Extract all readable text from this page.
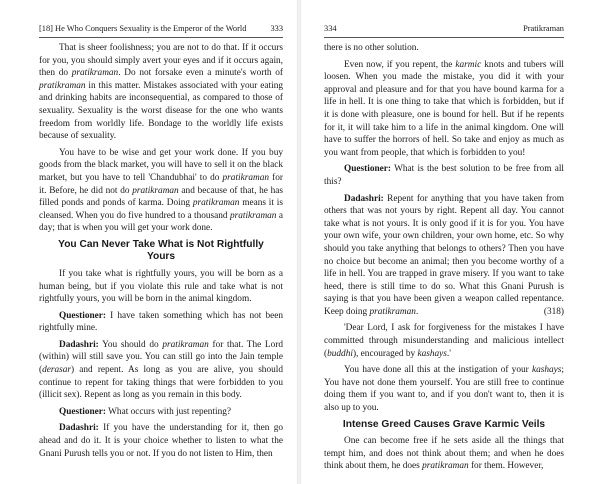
[18] He Who Conquers Sexuality is the Emperor of the World	333

That is sheer foolishness; you are not to do that. If it occurs for you, you should simply avert your eyes and if it occurs again, then do pratikraman. Do not forsake even a minute's worth of pratikraman in this matter. Mistakes associated with your eating and drinking habits are inconsequential, as compared to those of sexuality. Sexuality is the worst disease for the one who wants freedom from worldly life. Bondage to the worldly life exists because of sexuality.

You have to be wise and get your work done. If you buy goods from the black market, you will have to sell it on the black market, but you have to tell 'Chandubhai' to do pratikraman for it. Before, he did not do pratikraman and because of that, he has filled ponds and ponds of karma. Doing pratikraman means it is cleansed. When you do five hundred to a thousand pratikraman a day; that is when you will get your work done.

You Can Never Take What is Not Rightfully Yours

If you take what is rightfully yours, you will be born as a human being, but if you violate this rule and take what is not rightfully yours, you will be born in the animal kingdom.

Questioner: I have taken something which has not been rightfully mine.

Dadashri: You should do pratikraman for that. The Lord (within) will still save you. You can still go into the Jain temple (derasar) and repent. As long as you are alive, you should continue to repent for taking things that were forbidden to you (illicit sex). Repent as long as you remain in this body.

Questioner: What occurs with just repenting?

Dadashri: If you have the understanding for it, then go ahead and do it. It is your choice whether to listen to what the Gnani Purush tells you or not. If you do not listen to Him, then

334	Pratikraman

there is no other solution.

Even now, if you repent, the karmic knots and tubers will loosen. When you made the mistake, you did it with your approval and pleasure and for that you have bound karma for a life in hell. It is one thing to take that which is forbidden, but if it is done with pleasure, one is bound for hell. But if he repents for it, it will take him to a life in the animal kingdom. One will have to suffer the horrors of hell. So take and enjoy as much as you want from people, that which is forbidden to you!

Questioner: What is the best solution to be free from all this?

Dadashri: Repent for anything that you have taken from others that was not yours by right. Repent all day. You cannot take what is not yours. It is only good if it is for you. You have your own wife, your own children, your own home, etc. So why should you take anything that belongs to others? Then you have no choice but become an animal; then you become worthy of a life in hell. You are trapped in grave misery. If you want to take heed, there is still time to do so. What this Gnani Purush is saying is that you have been given a weapon called repentance. Keep doing pratikraman.	(318)

'Dear Lord, I ask for forgiveness for the mistakes I have committed through misunderstanding and malicious intellect (buddhi), encouraged by kashays.'

You have done all this at the instigation of your kashays; You have not done them yourself. You are still free to continue doing them if you want to, and if you don't want to, then it is also up to you.

Intense Greed Causes Grave Karmic Veils

One can become free if he sets aside all the things that tempt him, and does not think about them; and when he does think about them, he does pratikraman for them. However,
